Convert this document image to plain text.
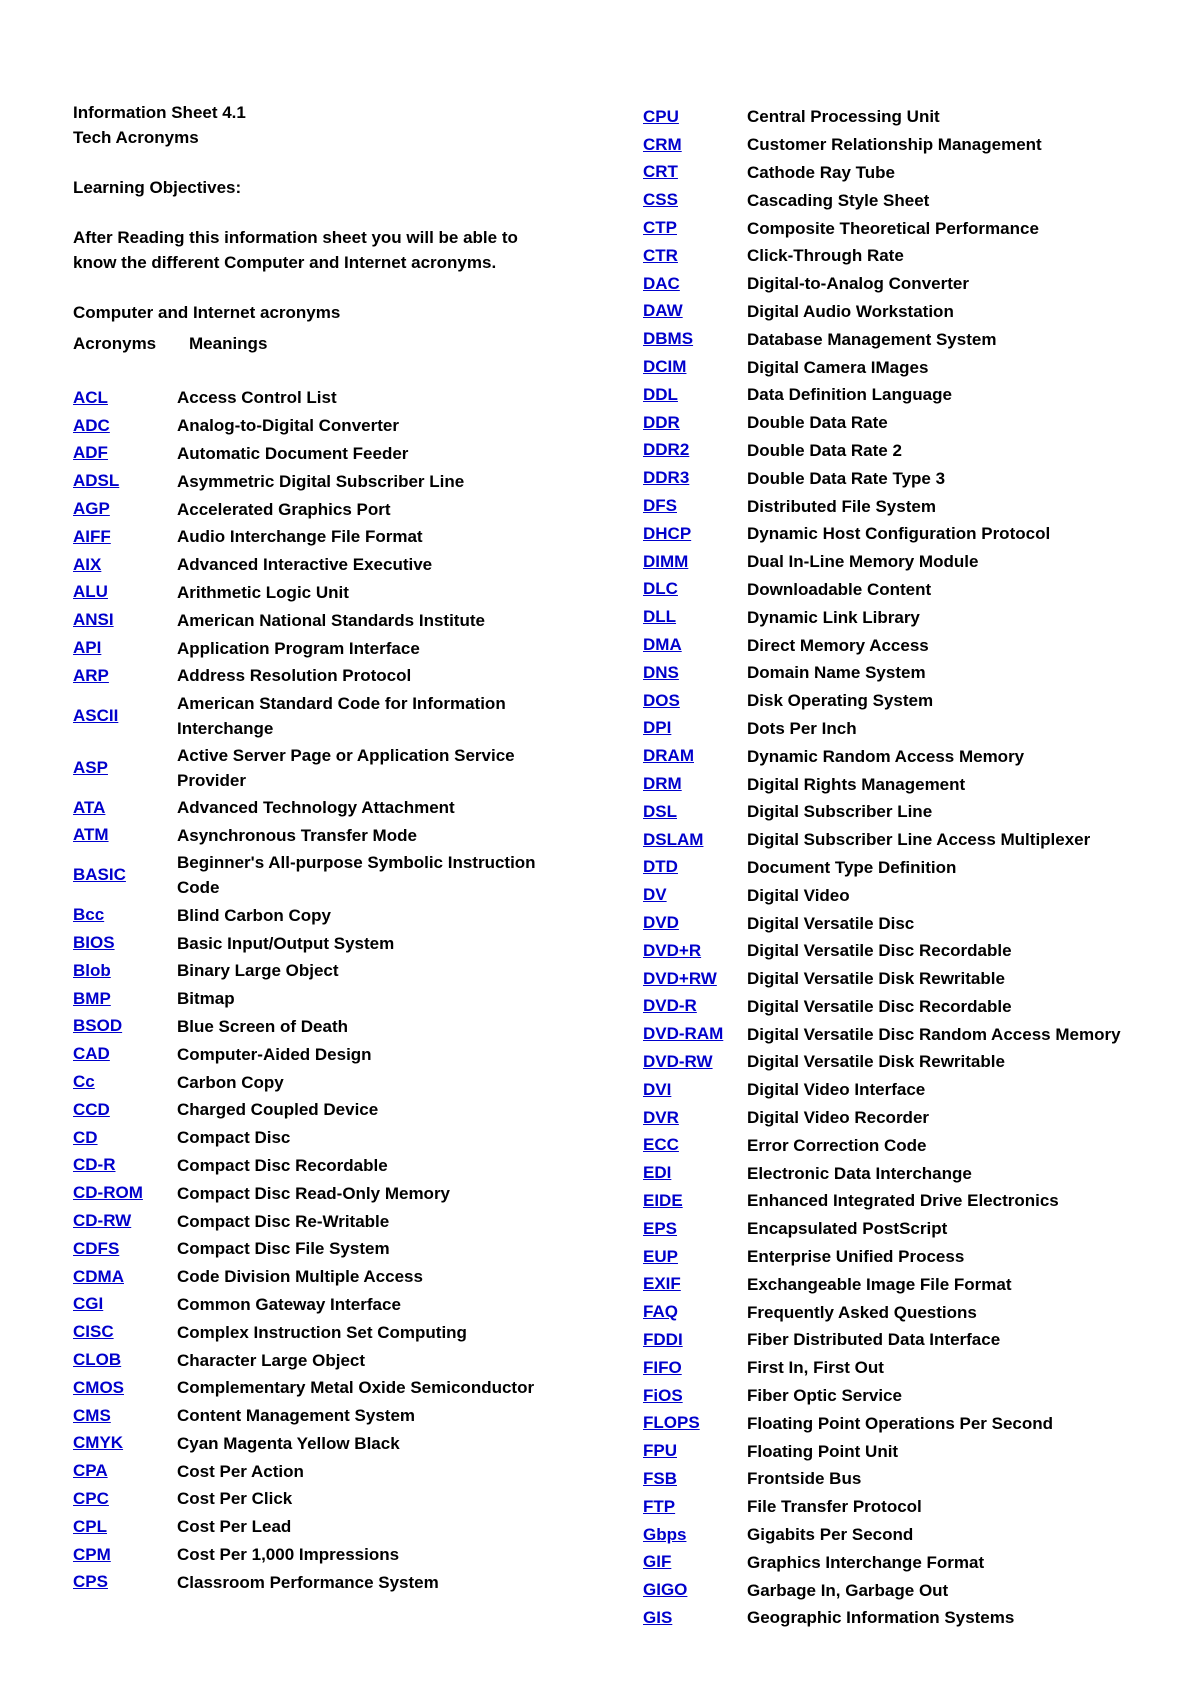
Information Sheet 4.1
Tech Acronyms
Learning Objectives:
After Reading this information sheet you will be able to
know the different Computer and Internet acronyms.
Computer and Internet acronyms
Acronyms	Meanings
ACL	Access Control List
ADC	Analog-to-Digital Converter
ADF	Automatic Document Feeder
ADSL	Asymmetric Digital Subscriber Line
AGP	Accelerated Graphics Port
AIFF	Audio Interchange File Format
AIX	Advanced Interactive Executive
ALU	Arithmetic Logic Unit
ANSI	American National Standards Institute
API	Application Program Interface
ARP	Address Resolution Protocol
ASCII
American Standard Code for Information Interchange
ASP
Active Server Page or Application Service Provider
ATA	Advanced Technology Attachment
ATM	Asynchronous Transfer Mode
BASIC
Beginner's All-purpose Symbolic Instruction Code
Bcc	Blind Carbon Copy
BIOS	Basic Input/Output System
Blob	Binary Large Object
BMP	Bitmap
BSOD	Blue Screen of Death
CAD	Computer-Aided Design
Cc	Carbon Copy
CCD	Charged Coupled Device
CD	Compact Disc
CD-R	Compact Disc Recordable
CD-ROM	Compact Disc Read-Only Memory
CD-RW	Compact Disc Re-Writable
CDFS	Compact Disc File System
CDMA	Code Division Multiple Access
CGI	Common Gateway Interface
CISC	Complex Instruction Set Computing
CLOB	Character Large Object
CMOS	Complementary Metal Oxide Semiconductor
CMS	Content Management System
CMYK	Cyan Magenta Yellow Black
CPA	Cost Per Action
CPC	Cost Per Click
CPL	Cost Per Lead
CPM	Cost Per 1,000 Impressions
CPS	Classroom Performance System
CPU	Central Processing Unit
CRM	Customer Relationship Management
CRT	Cathode Ray Tube
CSS	Cascading Style Sheet
CTP	Composite Theoretical Performance
CTR	Click-Through Rate
DAC	Digital-to-Analog Converter
DAW	Digital Audio Workstation
DBMS	Database Management System
DCIM	Digital Camera IMages
DDL	Data Definition Language
DDR	Double Data Rate
DDR2	Double Data Rate 2
DDR3	Double Data Rate Type 3
DFS	Distributed File System
DHCP	Dynamic Host Configuration Protocol
DIMM	Dual In-Line Memory Module
DLC	Downloadable Content
DLL	Dynamic Link Library
DMA	Direct Memory Access
DNS	Domain Name System
DOS	Disk Operating System
DPI	Dots Per Inch
DRAM	Dynamic Random Access Memory
DRM	Digital Rights Management
DSL	Digital Subscriber Line
DSLAM	Digital Subscriber Line Access Multiplexer
DTD	Document Type Definition
DV	Digital Video
DVD	Digital Versatile Disc
DVD+R	Digital Versatile Disc Recordable
DVD+RW	Digital Versatile Disk Rewritable
DVD-R	Digital Versatile Disc Recordable
DVD-RAM	Digital Versatile Disc Random Access Memory
DVD-RW	Digital Versatile Disk Rewritable
DVI	Digital Video Interface
DVR	Digital Video Recorder
ECC	Error Correction Code
EDI	Electronic Data Interchange
EIDE	Enhanced Integrated Drive Electronics
EPS	Encapsulated PostScript
EUP	Enterprise Unified Process
EXIF	Exchangeable Image File Format
FAQ	Frequently Asked Questions
FDDI	Fiber Distributed Data Interface
FIFO	First In, First Out
FiOS	Fiber Optic Service
FLOPS	Floating Point Operations Per Second
FPU	Floating Point Unit
FSB	Frontside Bus
FTP	File Transfer Protocol
Gbps	Gigabits Per Second
GIF	Graphics Interchange Format
GIGO	Garbage In, Garbage Out
GIS	Geographic Information Systems
